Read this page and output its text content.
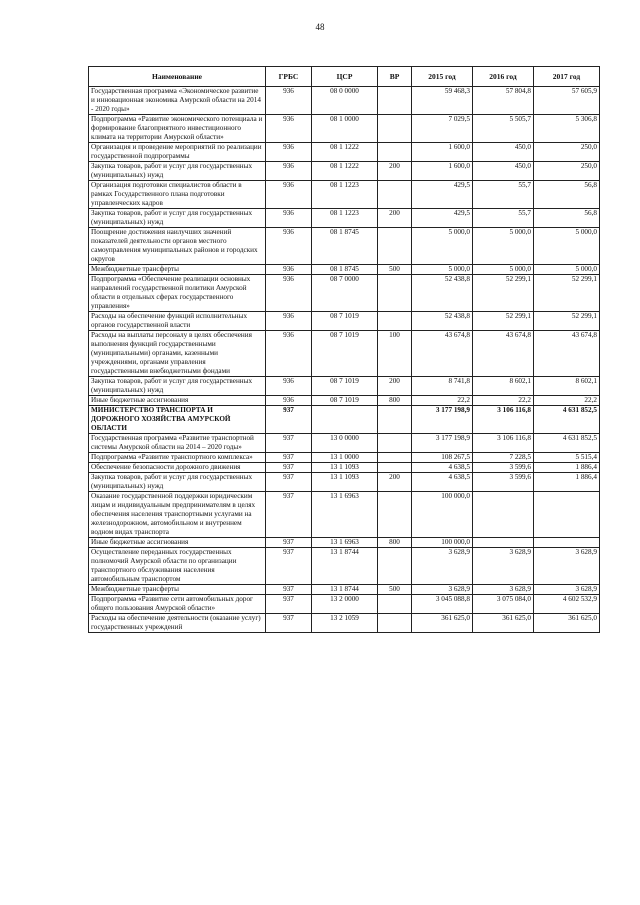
48
Наименование	ГРБС	ЦСР	ВР	2015 год	2016 год	2017 год
Государственная программа «Экономическое развитие и инновационная экономика Амурской области на 2014 - 2020 годы»	936	08 0 0000		59 468,3	57 804,8	57 605,9
Подпрограмма «Развитие экономического потенциала и формирование благоприятного инвестиционного климата на территории Амурской области»	936	08 1 0000		7 029,5	5 505,7	5 306,8
Организация и проведение мероприятий по реализации государственной подпрограммы	936	08 1 1222		1 600,0	450,0	250,0
Закупка товаров, работ и услуг для государственных (муниципальных) нужд	936	08 1 1222	200	1 600,0	450,0	250,0
Организация подготовки специалистов области в рамках Государственного плана подготовки управленческих кадров	936	08 1 1223		429,5	55,7	56,8
Закупка товаров, работ и услуг для государственных (муниципальных) нужд	936	08 1 1223	200	429,5	55,7	56,8
Поощрение достижения наилучших значений показателей деятельности органов местного самоуправления муниципальных районов и городских округов	936	08 1 8745		5 000,0	5 000,0	5 000,0
Межбюджетные трансферты	936	08 1 8745	500	5 000,0	5 000,0	5 000,0
Подпрограмма «Обеспечение реализации основных направлений государственной политики Амурской области в отдельных сферах государственного управления»	936	08 7 0000		52 438,8	52 299,1	52 299,1
Расходы на обеспечение функций исполнительных органов государственной власти	936	08 7 1019		52 438,8	52 299,1	52 299,1
Расходы на выплаты персоналу в целях обеспечения выполнения функций государственными (муниципальными) органами, казенными учреждениями, органами управления государственными внебюджетными фондами	936	08 7 1019	100	43 674,8	43 674,8	43 674,8
Закупка товаров, работ и услуг для государственных (муниципальных) нужд	936	08 7 1019	200	8 741,8	8 602,1	8 602,1
Иные бюджетные ассигнования	936	08 7 1019	800	22,2	22,2	22,2
МИНИСТЕРСТВО ТРАНСПОРТА И ДОРОЖНОГО ХОЗЯЙСТВА АМУРСКОЙ ОБЛАСТИ	937			3 177 198,9	3 106 116,8	4 631 852,5
Государственная программа «Развитие транспортной системы Амурской области на 2014 – 2020 годы»	937	13 0 0000		3 177 198,9	3 106 116,8	4 631 852,5
Подпрограмма «Развитие транспортного комплекса»	937	13 1 0000		108 267,5	7 228,5	5 515,4
Обеспечение безопасности дорожного движения	937	13 1 1093		4 638,5	3 599,6	1 886,4
Закупка товаров, работ и услуг для государственных (муниципальных) нужд	937	13 1 1093	200	4 638,5	3 599,6	1 886,4
Оказание государственной поддержки юридическим лицам и индивидуальным предпринимателям в целях обеспечения населения транспортными услугами на железнодорожном, автомобильном и внутреннем водном видах транспорта	937	13 1 6963		100 000,0		
Иные бюджетные ассигнования	937	13 1 6963	800	100 000,0		
Осуществление переданных государственных полномочий Амурской области по организации транспортного обслуживания населения автомобильным транспортом	937	13 1 8744		3 628,9	3 628,9	3 628,9
Межбюджетные трансферты	937	13 1 8744	500	3 628,9	3 628,9	3 628,9
Подпрограмма «Развитие сети автомобильных дорог общего пользования Амурской области»	937	13 2 0000		3 045 088,8	3 075 084,0	4 602 532,9
Расходы на обеспечение деятельности (оказание услуг) государственных учреждений	937	13 2 1059		361 625,0	361 625,0	361 625,0
